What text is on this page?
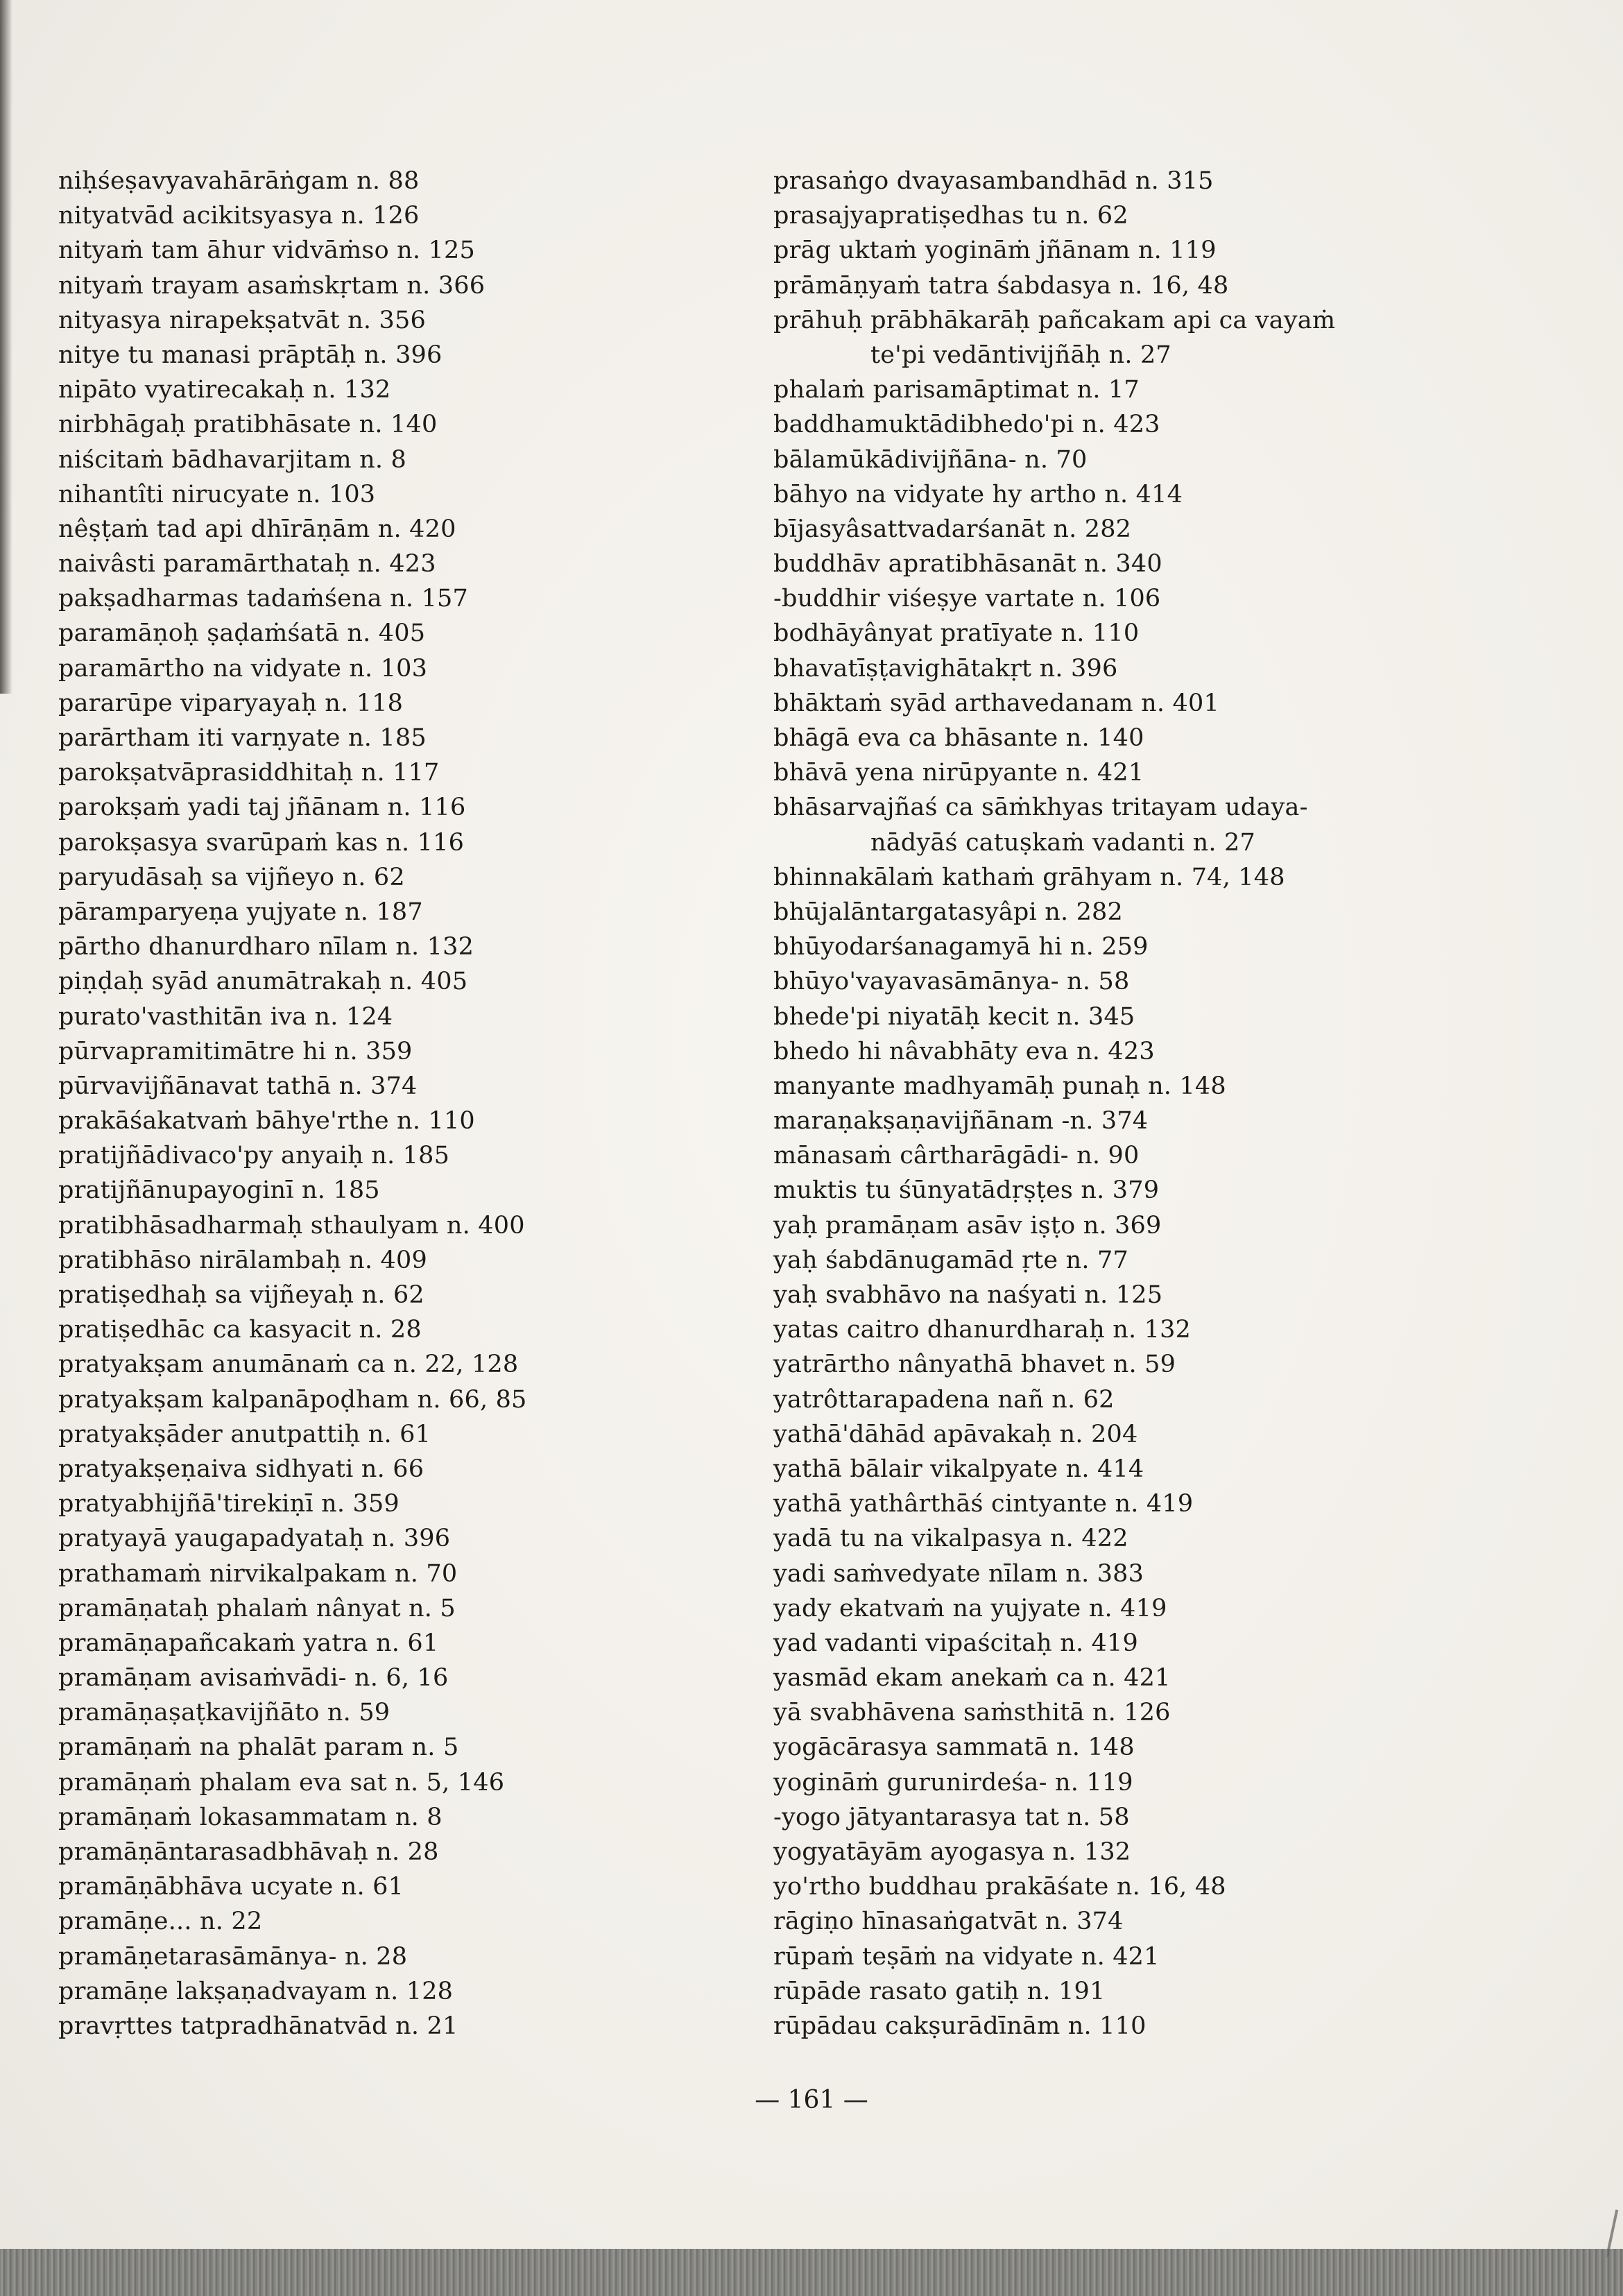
niḥśeṣavyavahārāṅgam n. 88
nityatvād acikitsyasya n. 126
nityaṁ tam āhur vidvāṁso n. 125
nityaṁ trayam asaṁskṛtam n. 366
nityasya nirapekṣatvāt n. 356
nitye tu manasi prāptāḥ n. 396
nipāto vyatirecakaḥ n. 132
nirbhāgaḥ pratibhāsate n. 140
niścitaṁ bādhavarjitam n. 8
nihantîti nirucyate n. 103
nêṣṭaṁ tad api dhīrāṇām n. 420
naivâsti paramārthataḥ n. 423
pakṣadharmas tadaṁśena n. 157
paramāṇoḥ ṣaḍaṁśatā n. 405
paramārtho na vidyate n. 103
pararūpe viparyayaḥ n. 118
parārtham iti varṇyate n. 185
parokṣatvāprasiddhitaḥ n. 117
parokṣaṁ yadi taj jñānam n. 116
parokṣasya svarūpaṁ kas n. 116
paryudāsaḥ sa vijñeyo n. 62
pāramparyeṇa yujyate n. 187
pārtho dhanurdharo nīlam n. 132
piṇḍaḥ syād anumātrakaḥ n. 405
purato'vasthitān iva n. 124
pūrvapramitimātre hi n. 359
pūrvavijñānavat tathā n. 374
prakāśakatvaṁ bāhye'rthe n. 110
pratijñādivaco'py anyaiḥ n. 185
pratijñānupayoginī n. 185
pratibhāsadharmaḥ sthaulyam n. 400
pratibhāso nirālambaḥ n. 409
pratiṣedhaḥ sa vijñeyaḥ n. 62
pratiṣedhāc ca kasyacit n. 28
pratyakṣam anumānaṁ ca n. 22, 128
pratyakṣam kalpanāpoḍham n. 66, 85
pratyakṣāder anutpattiḥ n. 61
pratyakṣeṇaiva sidhyati n. 66
pratyabhijñā'tirekiṇī n. 359
pratyayā yaugapadyataḥ n. 396
prathamaṁ nirvikalpakam n. 70
pramāṇataḥ phalaṁ nânyat n. 5
pramāṇapañcakaṁ yatra n. 61
pramāṇam avisaṁvādi- n. 6, 16
pramāṇaṣaṭkavijñāto n. 59
pramāṇaṁ na phalāt param n. 5
pramāṇaṁ phalam eva sat n. 5, 146
pramāṇaṁ lokasammatam n. 8
pramāṇāntarasadbhāvaḥ n. 28
pramāṇābhāva ucyate n. 61
pramāṇe... n. 22
pramāṇetarasāmānya- n. 28
pramāṇe lakṣaṇadvayam n. 128
pravṛttes tatpradhānatvād n. 21
prasaṅgo dvayasambandhād n. 315
prasajyapratiṣedhas tu n. 62
prāg uktaṁ yogināṁ jñānam n. 119
prāmāṇyaṁ tatra śabdasya n. 16, 48
prāhuḥ prābhākarāḥ pañcakam api ca vayaṁ
te'pi vedāntivijñāḥ n. 27
phalaṁ parisamāptimat n. 17
baddhamuktādibhedo'pi n. 423
bālamūkādivijñāna- n. 70
bāhyo na vidyate hy artho n. 414
bījasyâsattvadarśanāt n. 282
buddhāv apratibhāsanāt n. 340
-buddhir viśeṣye vartate n. 106
bodhāyânyat pratīyate n. 110
bhavatīṣṭavighātakṛt n. 396
bhāktaṁ syād arthavedanam n. 401
bhāgā eva ca bhāsante n. 140
bhāvā yena nirūpyante n. 421
bhāsarvajñaś ca sāṁkhyas tritayam udaya-
nādyāś catuṣkaṁ vadanti n. 27
bhinnakālaṁ kathaṁ grāhyam n. 74, 148
bhūjalāntargatasyâpi n. 282
bhūyodarśanagamyā hi n. 259
bhūyo'vayavasāmānya- n. 58
bhede'pi niyatāḥ kecit n. 345
bhedo hi nâvabhāty eva n. 423
manyante madhyamāḥ punaḥ n. 148
maraṇakṣaṇavijñānam -n. 374
mānasaṁ cârtharāgādi- n. 90
muktis tu śūnyatādṛṣṭes n. 379
yaḥ pramāṇam asāv iṣṭo n. 369
yaḥ śabdānugamād ṛte n. 77
yaḥ svabhāvo na naśyati n. 125
yatas caitro dhanurdharaḥ n. 132
yatrārtho nânyathā bhavet n. 59
yatrôttarapadena nañ n. 62
yathā'dāhād apāvakaḥ n. 204
yathā bālair vikalpyate n. 414
yathā yathârthāś cintyante n. 419
yadā tu na vikalpasya n. 422
yadi saṁvedyate nīlam n. 383
yady ekatvaṁ na yujyate n. 419
yad vadanti vipaścitaḥ n. 419
yasmād ekam anekaṁ ca n. 421
yā svabhāvena saṁsthitā n. 126
yogācārasya sammatā n. 148
yogināṁ gurunirdeśa- n. 119
-yogo jātyantarasya tat n. 58
yogyatāyām ayogasya n. 132
yo'rtho buddhau prakāśate n. 16, 48
rāgiṇo hīnasaṅgatvāt n. 374
rūpaṁ teṣāṁ na vidyate n. 421
rūpāde rasato gatiḥ n. 191
rūpādau cakṣurādīnām n. 110
— 161 —
